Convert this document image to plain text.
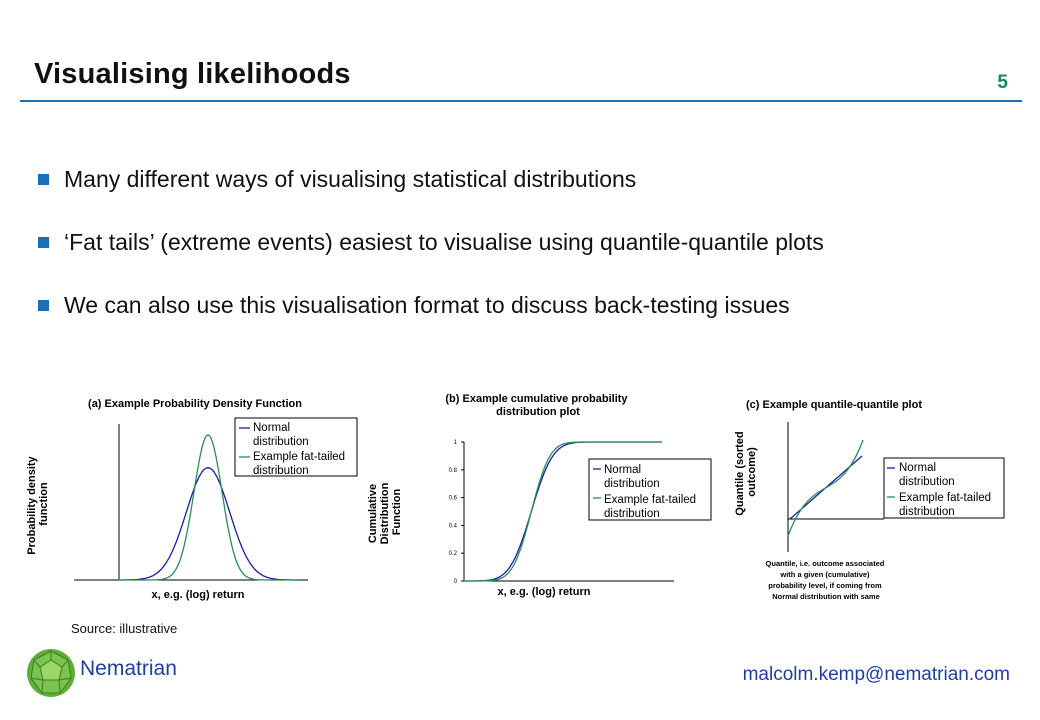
Visualising likelihoods	5
Many different ways of visualising statistical distributions
‘Fat tails’ (extreme events) easiest to visualise using quantile-quantile plots
We can also use this visualisation format to discuss back-testing issues
(a) Example Probability Density Function
Probability density function
x, e.g. (log) return
Normal distribution
Example fat-tailed distribution
(b) Example cumulative probability distribution plot
0
0.2
0.4
0.6
0.8
1
Cumulative Distribution Function
x, e.g. (log) return
Normal distribution
Example fat-tailed distribution
(c) Example quantile-quantile plot
Quantile (sorted outcome)
Quantile, i.e. outcome associated with a given (cumulative) probability level, if coming from Normal distribution with same
Normal distribution
Example fat-tailed distribution
Source: illustrative
Nematrian	malcolm.kemp@nematrian.com
